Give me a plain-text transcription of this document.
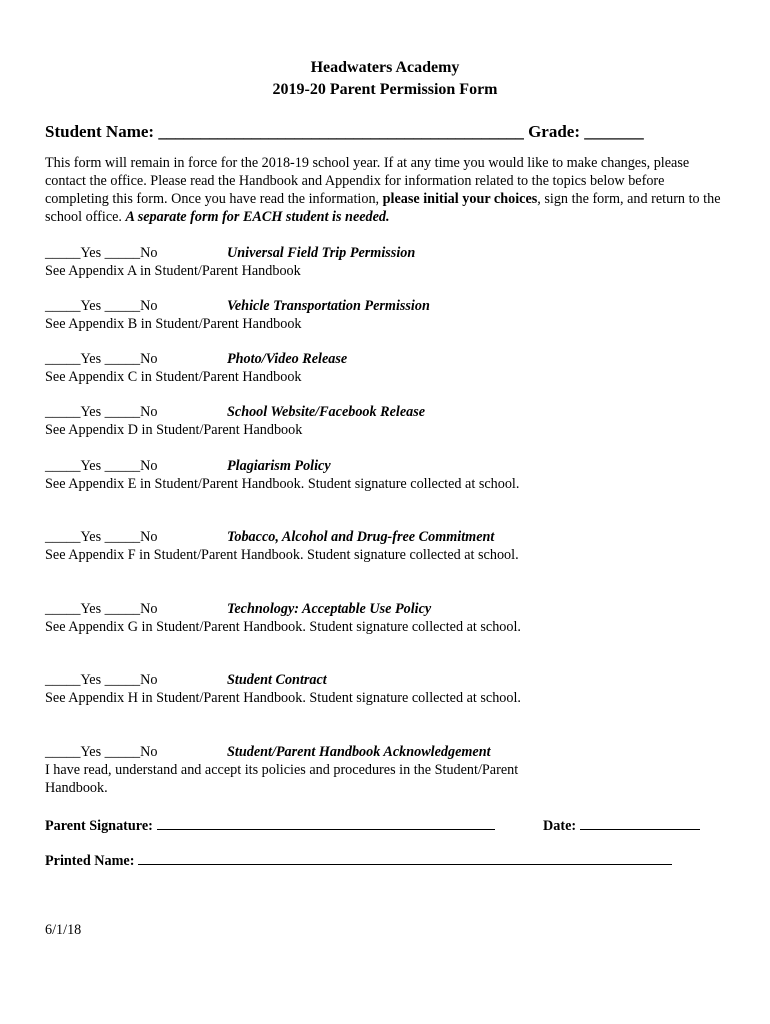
Headwaters Academy
2019-20 Parent Permission Form
Student Name: ___________________________________________ Grade: _______
This form will remain in force for the 2018-19 school year. If at any time you would like to make changes, please contact the office. Please read the Handbook and Appendix for information related to the topics below before completing this form. Once you have read the information, please initial your choices, sign the form, and return to the school office. A separate form for EACH student is needed.
_____Yes _____No	Universal Field Trip Permission
See Appendix A in Student/Parent Handbook
_____Yes _____No	Vehicle Transportation Permission
See Appendix B in Student/Parent Handbook
_____Yes _____No	Photo/Video Release
See Appendix C in Student/Parent Handbook
_____Yes _____No	School Website/Facebook Release
See Appendix D in Student/Parent Handbook
_____Yes _____No	Plagiarism Policy
See Appendix E in Student/Parent Handbook. Student signature collected at school.
_____Yes _____No	Tobacco, Alcohol and Drug-free Commitment
See Appendix F in Student/Parent Handbook. Student signature collected at school.
_____Yes _____No	Technology: Acceptable Use Policy
See Appendix G in Student/Parent Handbook. Student signature collected at school.
_____Yes _____No	Student Contract
See Appendix H in Student/Parent Handbook. Student signature collected at school.
_____Yes _____No	Student/Parent Handbook Acknowledgement
I have read, understand and accept its policies and procedures in the Student/Parent Handbook.
Parent Signature:	Date:
Printed Name:
6/1/18
